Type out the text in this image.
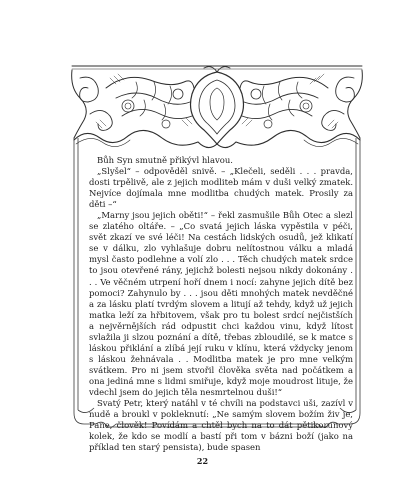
Bůh Syn smutně přikývl hlavou.

„Slyšel“ – odpověděl snivě. – „Klečeli, seděli . . . pravda, dosti trpělivě, ale z jejich modliteb mám v duši velký zmatek. Nejvíce dojímala mne modlitba chudých matek. Prosily za děti –“

„Marny jsou jejich oběti!“ – řekl zasmušile Bůh Otec a slezl se zlatého oltáře. – „Co svatá jejich láska vypěstila v péči, svět zkazí ve své léči! Na cestách lidských osudů, jež klikatí se v dálku, zlo vyhlašuje dobru nelítostnou válku a mladá mysl často podlehne a volí zlo . . . Těch chudých matek srdce to jsou otevřené rány, jejichž bolesti nejsou nikdy dokonány . . . Ve věčném utrpení hoří dnem i nocí: zahyne jejich dítě bez pomoci? Zahynulo by . . . jsou děti mnohých matek nevděčné a za lásku platí tvrdým slovem a litují až tehdy, když už jejich matka leží za hřbitovem, však pro tu bolest srdcí nejčistších a nejvěrnějších rád odpustit chci každou vinu, když lítost svlažila ji slzou poznání a dítě, třebas zbloudilé, se k matce s láskou přiklání a zlíbá její ruku v klínu, která vždycky jenom s láskou žehnávala . . Modlitba matek je pro mne velkým svátkem. Pro ni jsem stvořil člověka světa nad počátkem a ona jediná mne s lidmi smiřuje, když moje moudrost lituje, že vdechl jsem do jejich těla nesmrtelnou duši!“

Svatý Petr, který natáhl v té chvíli na podstavci uši, zazívl v nudě a broukl v pokleknutí: „Ne samým slovem božím živ je, Pane, člověk! Povídám a chtěl bych na to dát pětikorunový kolek, že kdo se modlí a bastí při tom v bázni boží (jako na příklad ten starý pensista), bude spasen

22
